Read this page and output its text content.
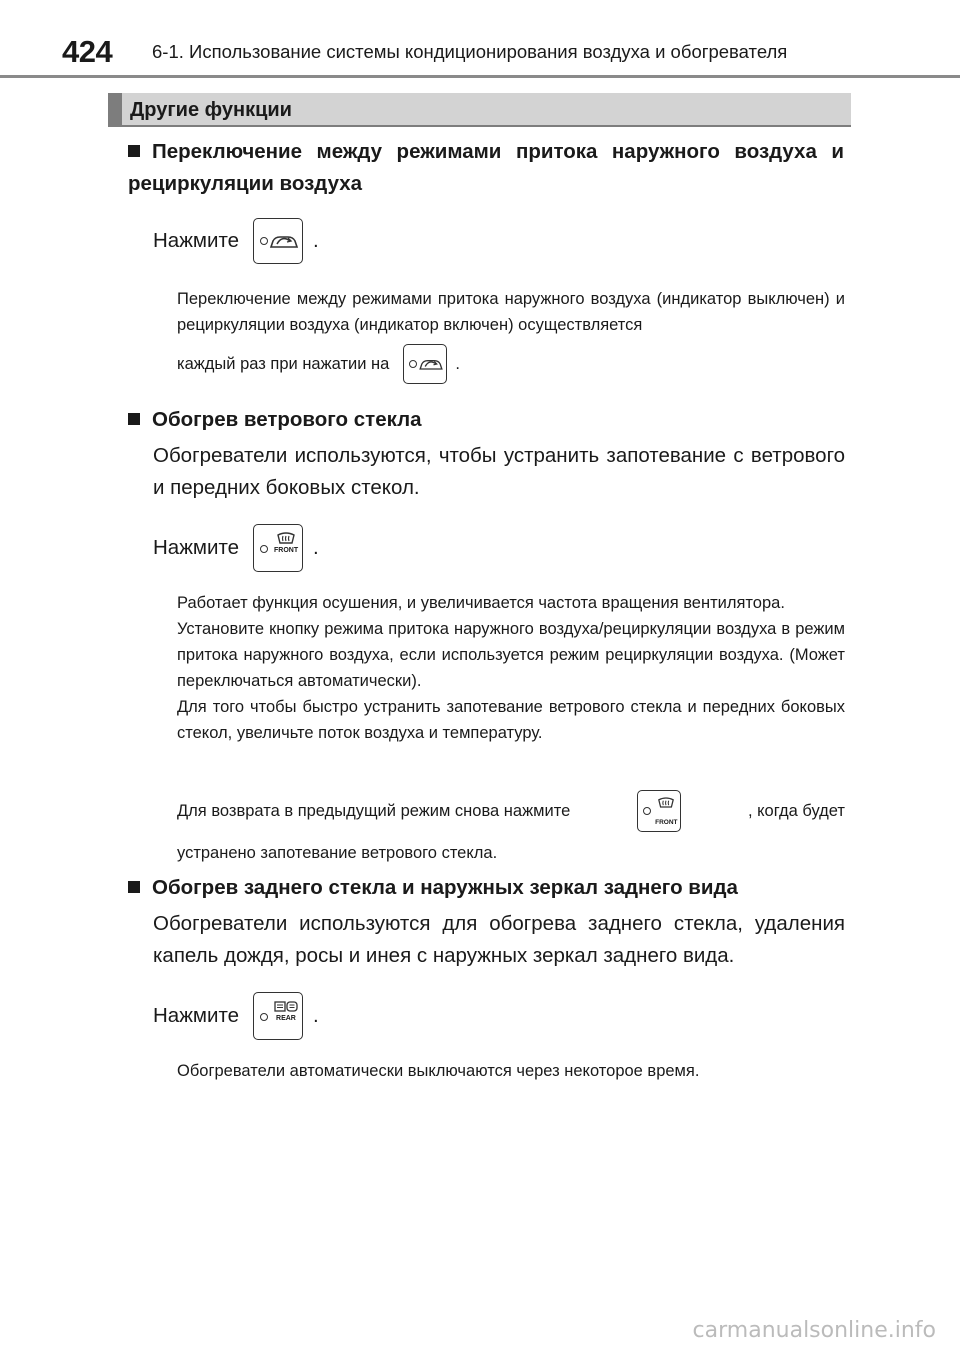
424 6-1. Использование системы кондиционирования воздуха и обогревателя
Другие функции
Переключение между режимами притока наружного воздуха и рециркуляции воздуха
Нажмите	.
Переключение между режимами притока наружного воздуха (индикатор выключен) и рециркуляции воздуха (индикатор включен) осуществляется
каждый раз при нажатии на	.
Обогрев ветрового стекла
Обогреватели используются, чтобы устранить запотевание с ветрового и передних боковых стекол.
Нажмите	FRONT .
Работает функция осушения, и увеличивается частота вращения вентилятора.
Установите кнопку режима притока наружного воздуха/рециркуляции воздуха в режим притока наружного воздуха, если используется режим рециркуляции воздуха. (Может переключаться автоматически).
Для того чтобы быстро устранить запотевание ветрового стекла и передних боковых стекол, увеличьте поток воздуха и температуру.
Для возврата в предыдущий режим снова нажмите
FRONT
, когда будет
устранено запотевание ветрового стекла.
Обогрев заднего стекла и наружных зеркал заднего вида
Обогреватели используются для обогрева заднего стекла, удаления капель дождя, росы и инея с наружных зеркал заднего вида.
Нажмите	REAR .
Обогреватели автоматически выключаются через некоторое время.
carmanualsonline.info
